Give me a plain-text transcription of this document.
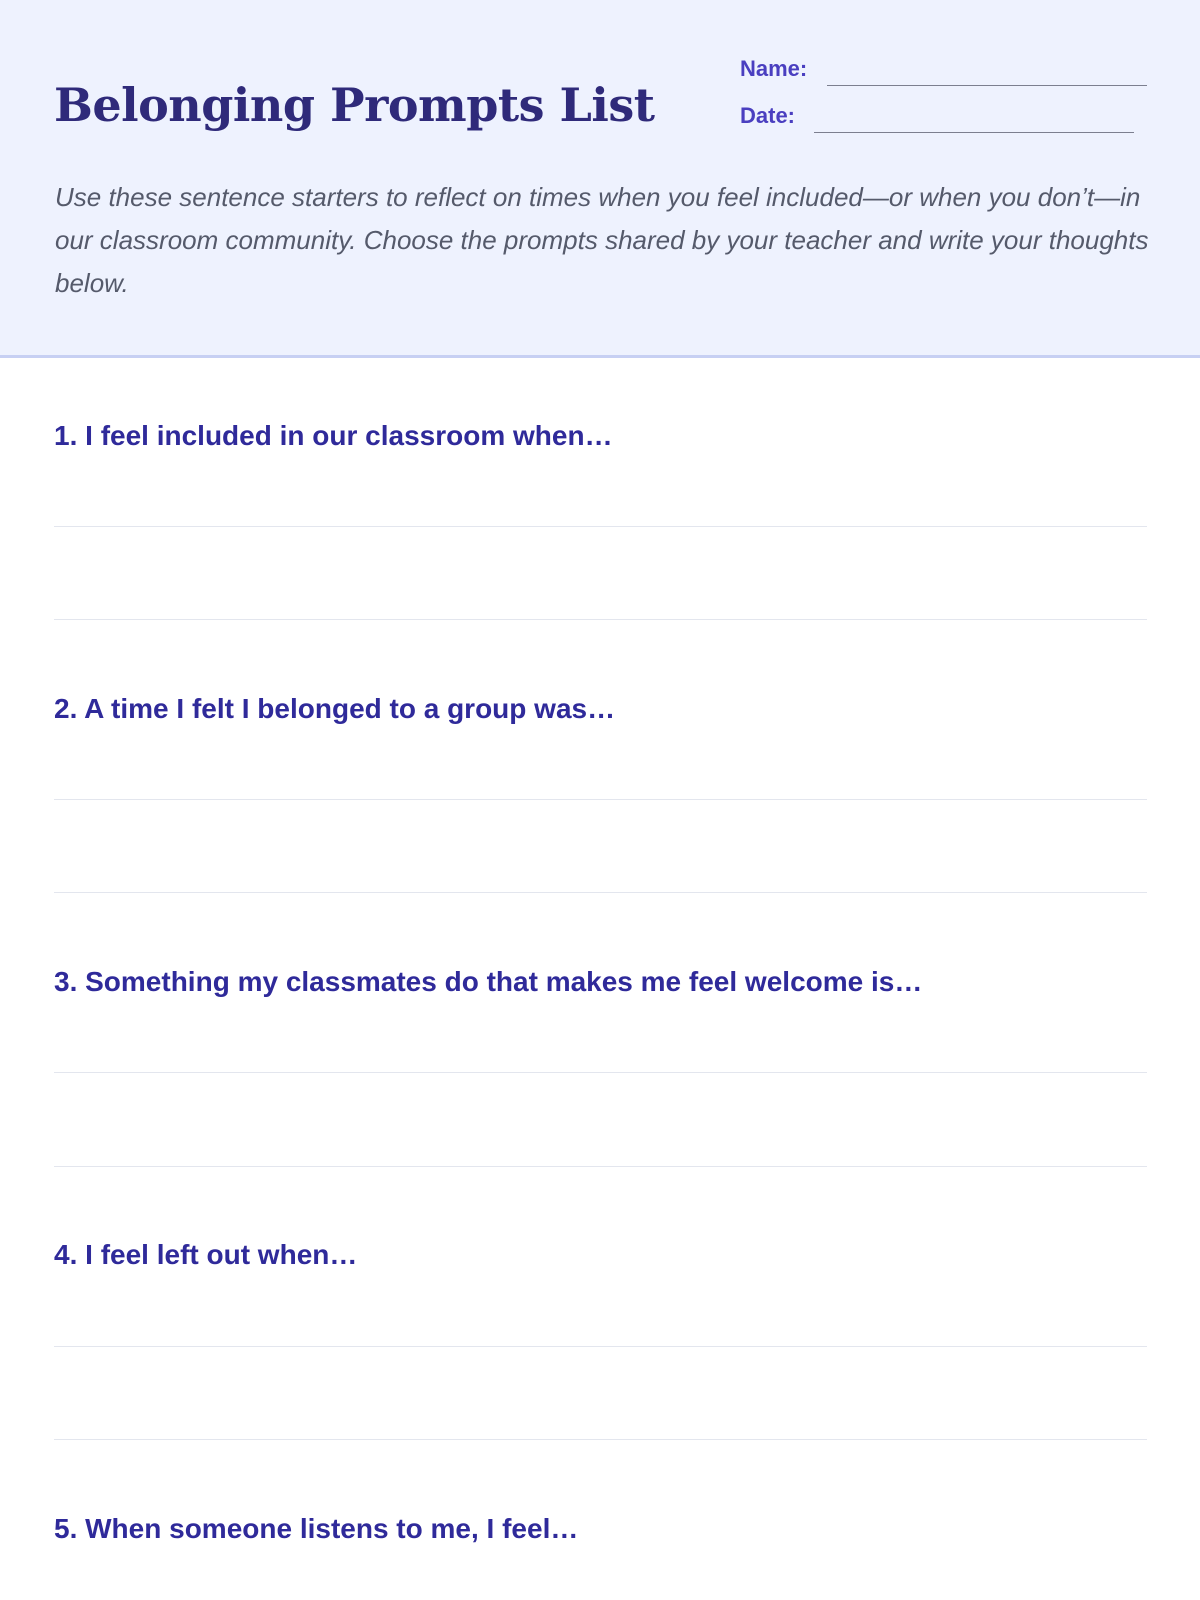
Belonging Prompts List
Name:
Date:

Use these sentence starters to reflect on times when you feel included—or when you don’t—in our classroom community. Choose the prompts shared by your teacher and write your thoughts below.

1. I feel included in our classroom when…
2. A time I felt I belonged to a group was…
3. Something my classmates do that makes me feel welcome is…
4. I feel left out when…
5. When someone listens to me, I feel…
